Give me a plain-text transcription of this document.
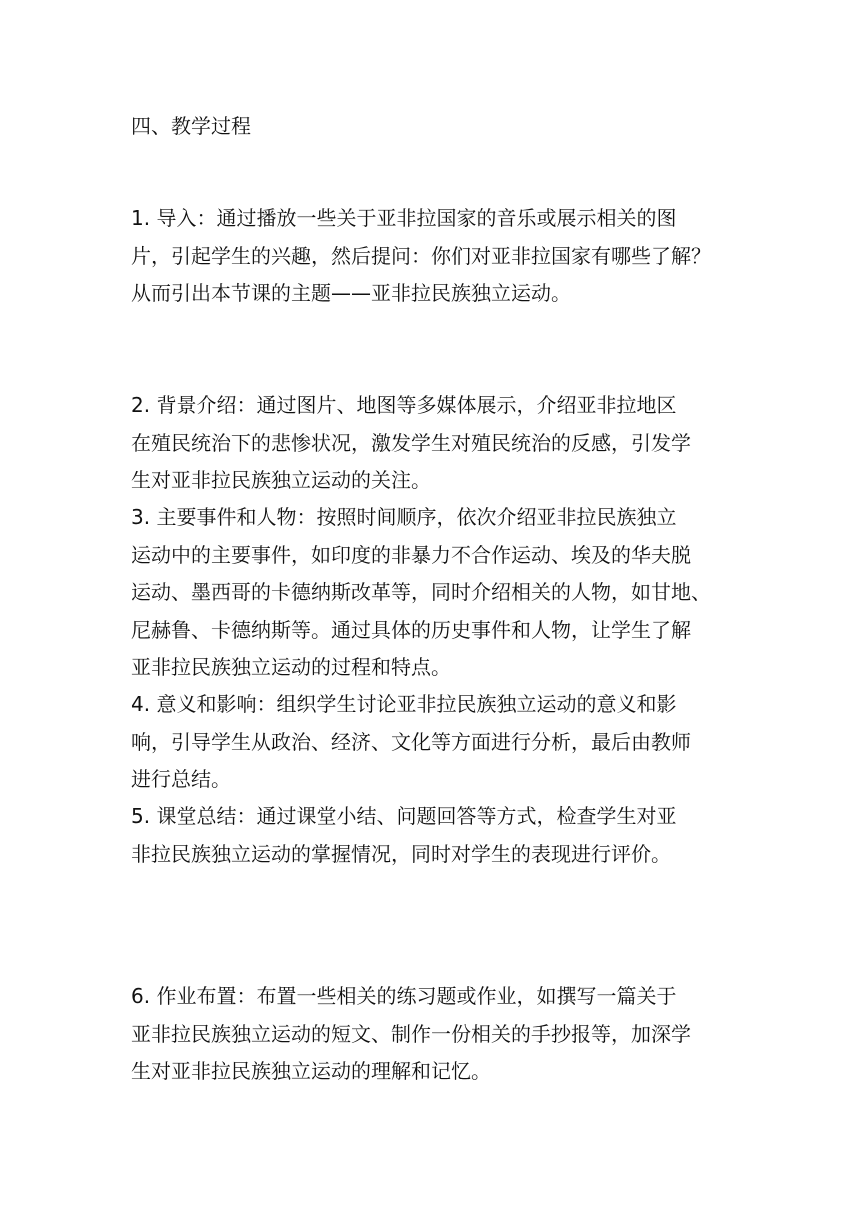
四、教学过程
1. 导入：通过播放一些关于亚非拉国家的音乐或展示相关的图
片，引起学生的兴趣，然后提问：你们对亚非拉国家有哪些了解？
从而引出本节课的主题——亚非拉民族独立运动。
2. 背景介绍：通过图片、地图等多媒体展示，介绍亚非拉地区
在殖民统治下的悲惨状况，激发学生对殖民统治的反感，引发学
生对亚非拉民族独立运动的关注。
3. 主要事件和人物：按照时间顺序，依次介绍亚非拉民族独立
运动中的主要事件，如印度的非暴力不合作运动、埃及的华夫脱
运动、墨西哥的卡德纳斯改革等，同时介绍相关的人物，如甘地、
尼赫鲁、卡德纳斯等。通过具体的历史事件和人物，让学生了解
亚非拉民族独立运动的过程和特点。
4. 意义和影响：组织学生讨论亚非拉民族独立运动的意义和影
响，引导学生从政治、经济、文化等方面进行分析，最后由教师
进行总结。
5. 课堂总结：通过课堂小结、问题回答等方式，检查学生对亚
非拉民族独立运动的掌握情况，同时对学生的表现进行评价。
6. 作业布置：布置一些相关的练习题或作业，如撰写一篇关于
亚非拉民族独立运动的短文、制作一份相关的手抄报等，加深学
生对亚非拉民族独立运动的理解和记忆。
